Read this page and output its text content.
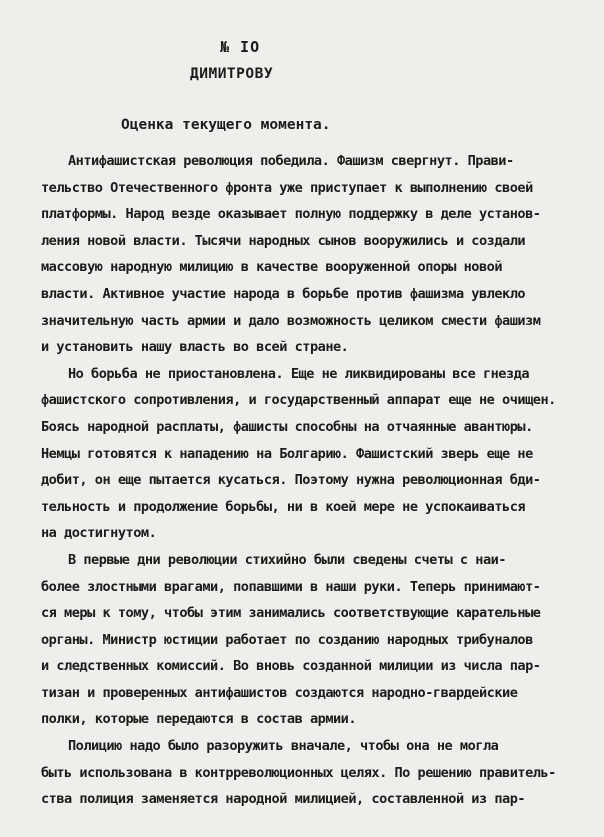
№ IO
ДИМИТРОВУ
Оценка текущего момента.
Антифашистская революция победила. Фашизм свергнут. Прави-
тельство Отечественного фронта уже приступает к выполнению своей
платформы. Народ везде оказывает полную поддержку в деле установ-
ления новой власти. Тысячи народных сынов вооружились и создали
массовую народную милицию в качестве вооруженной опоры новой
власти. Активное участие народа в борьбе против фашизма увлекло
значительную часть армии и дало возможность целиком смести фашизм
и установить нашу власть во всей стране.
Но борьба не приостановлена. Еще не ликвидированы все гнезда
фашистского сопротивления, и государственный аппарат еще не очищен.
Боясь народной расплаты, фашисты способны на отчаянные авантюры.
Немцы готовятся к нападению на Болгарию. Фашистский зверь еще не
добит, он еще пытается кусаться. Поэтому нужна революционная бди-
тельность и продолжение борьбы, ни в коей мере не успокаиваться
на достигнутом.
В первые дни революции стихийно были сведены счеты с наи-
более злостными врагами, попавшими в наши руки. Теперь принимают-
ся меры к тому, чтобы этим занимались соответствующие карательные
органы. Министр юстиции работает по созданию народных трибуналов
и следственных комиссий. Во вновь созданной милиции из числа пар-
тизан и проверенных антифашистов создаются народно-гвардейские
полки, которые передаются в состав армии.
Полицию надо было разоружить вначале, чтобы она не могла
быть использована в контрреволюционных целях. По решению правитель-
ства полиция заменяется народной милицией, составленной из пар-
